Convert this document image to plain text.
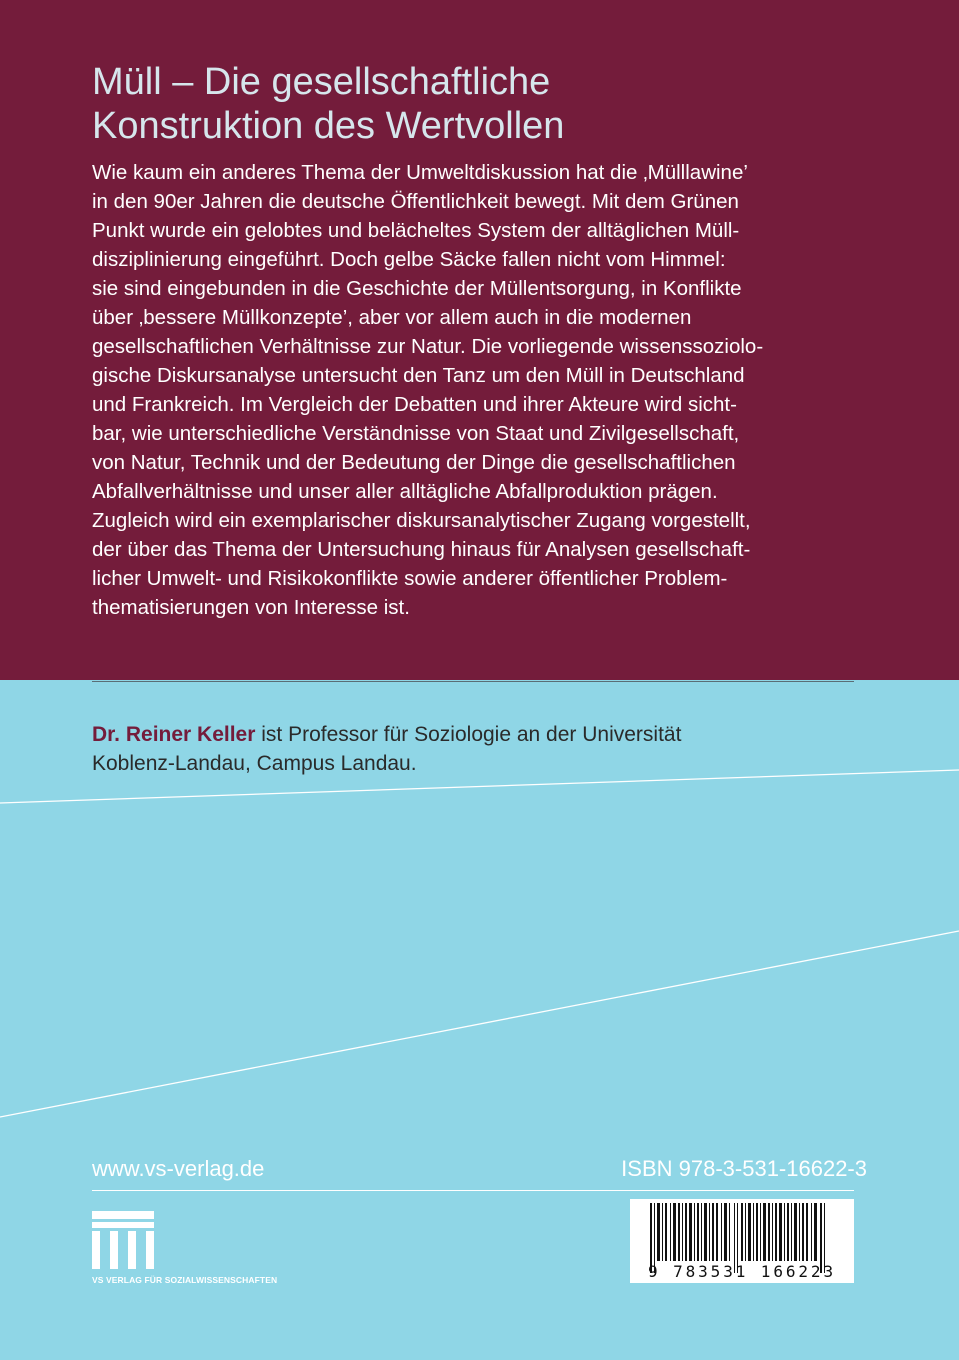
Müll – Die gesellschaftliche
Konstruktion des Wertvollen
Wie kaum ein anderes Thema der Umweltdiskussion hat die ‚Mülllawine’
in den 90er Jahren die deutsche Öffentlichkeit bewegt. Mit dem Grünen
Punkt wurde ein gelobtes und belächeltes System der alltäglichen Müll-
disziplinierung eingeführt. Doch gelbe Säcke fallen nicht vom Himmel:
sie sind eingebunden in die Geschichte der Müllentsorgung, in Konflikte
über ‚bessere Müllkonzepte’, aber vor allem auch in die modernen
gesellschaftlichen Verhältnisse zur Natur. Die vorliegende wissenssoziolo-
gische Diskursanalyse untersucht den Tanz um den Müll in Deutschland
und Frankreich. Im Vergleich der Debatten und ihrer Akteure wird sicht-
bar, wie unterschiedliche Verständnisse von Staat und Zivilgesellschaft,
von Natur, Technik und der Bedeutung der Dinge die gesellschaftlichen
Abfallverhältnisse und unser aller alltägliche Abfallproduktion prägen.
Zugleich wird ein exemplarischer diskursanalytischer Zugang vorgestellt,
der über das Thema der Untersuchung hinaus für Analysen gesellschaft-
licher Umwelt- und Risikokonflikte sowie anderer öffentlicher Problem-
thematisierungen von Interesse ist.
Dr. Reiner Keller ist Professor für Soziologie an der Universität
Koblenz-Landau, Campus Landau.
www.vs-verlag.de	ISBN 978-3-531-16622-3
VS VERLAG FÜR SOZIALWISSENSCHAFTEN	9 783531 166223
